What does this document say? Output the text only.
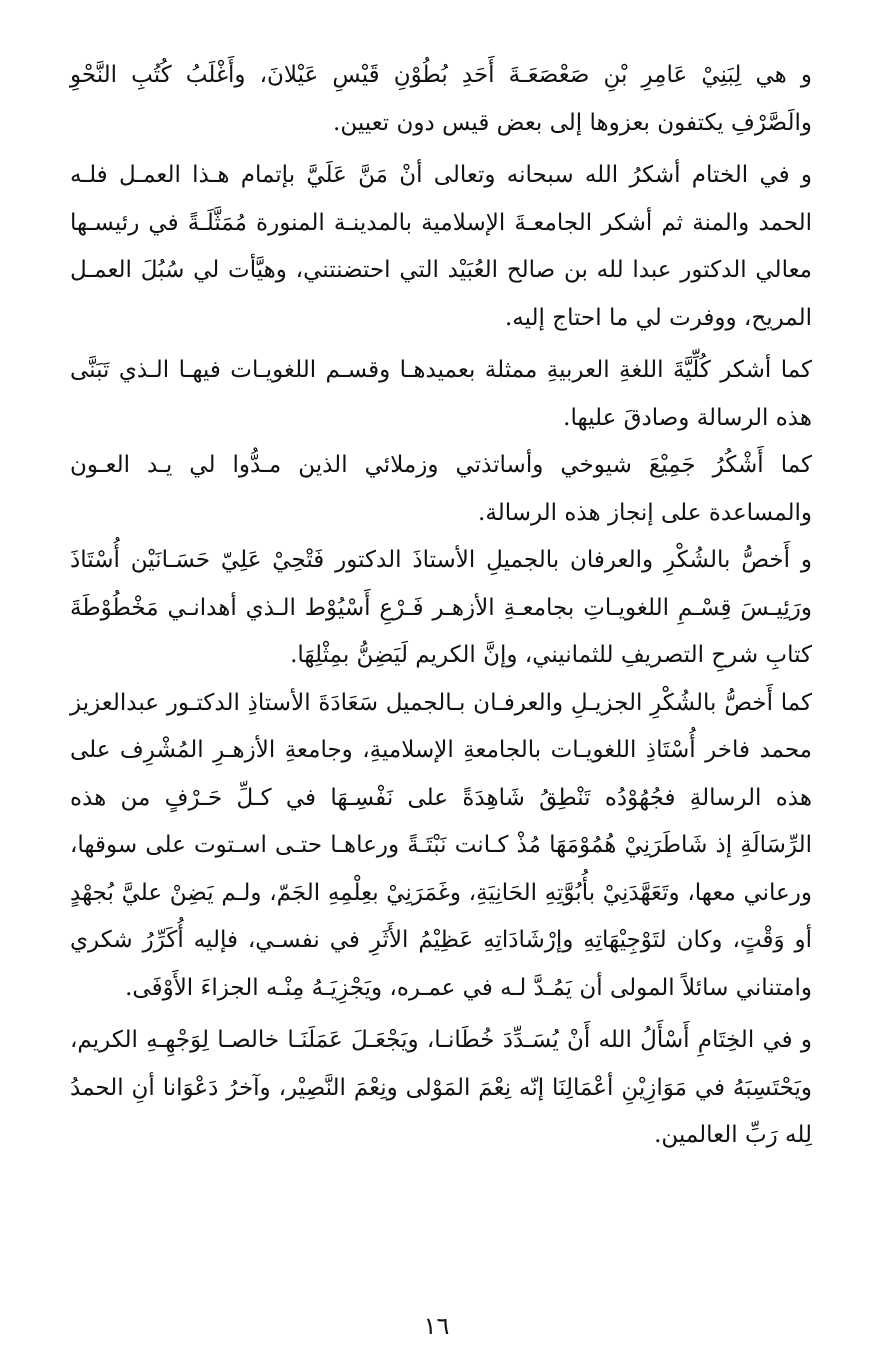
و هي لِبَنِيْ عَامِرِ بْنِ صَعْصَعَـةَ أَحَدِ بُطُوْنِ قَيْسِ عَيْلانَ، وأَغْلَبُ كُتُبِ النَّحْوِ والَصَّرْفِ يكتفون بعزوها إلى بعض قيس دون تعيين.

و في الختام أشكرُ الله سبحانه وتعالى أنْ مَنَّ عَلَيَّ بإتمام هـذا العمـل فلـه الحمد والمنة ثم أشكر الجامعـةَ الإسلامية بالمدينـة المنورة مُمَثَّلَـةً في رئيسـها معالي الدكتور عبدا لله بن صالح العُبَيْد التي احتضنتني، وهيَّأت لي سُبُلَ العمـل المريح، ووفرت لي ما احتاج إليه.

كما أشكر كُلِّيَّةَ اللغةِ العربيةِ ممثلة بعميدهـا وقسـم اللغويـات فيهـا الـذي تَبَنَّى هذه الرسالة وصادقَ عليها.

كما أَشْكُرُ جَمِيْعَ شيوخي وأساتذتي وزملائي الذين مـدُّوا لي يـد العـون والمساعدة على إنجاز هذه الرسالة.

و أَخصُّ بالشُكْرِ والعرفان بالجميلِ الأستاذَ الدكتور فَتْحِيْ عَلِيّ حَسَـانَيْن أُسْتَاذَ ورَئِيـسَ قِسْـمِ اللغويـاتِ بجامعـةِ الأزهـر فَـرْعِ أَسْيُوْط الـذي أهدانـي مَخْطُوْطَةَ كتابِ شرحِ التصريفِ للثمانيني، وإنَّ الكريم لَيَضِنُّ بمِثْلِهَا.

كما أَخصُّ بالشُكْرِ الجزيـلِ والعرفـان بـالجميل سَعَادَةَ الأستاذِ الدكتـور عبدالعزيز محمد فاخر أُسْتَاذِ اللغويـات بالجامعةِ الإسلاميةِ، وجامعةِ الأزهـرِ المُشْرِف على هذه الرسالةِ فجُهُوْدُه تَنْطِقُ شَاهِدَةً على نَفْسِـهَا في كـلِّ حَـرْفٍ من هذه الرِّسَالَةِ إذ شَاطَرَنِيْ هُمُوْمَهَا مُذْ كـانت نَبْتَـةً ورعاهـا حتـى اسـتوت على سوقها، ورعاني معها، وتَعَهَّدَنِيْ بأُبُوَّتِهِ الحَانِيَةِ، وغَمَرَنِيْ بعِلْمِهِ الجَمّ، ولـم يَضِنْ عليَّ بُجهْدٍ أو وَقْتٍ، وكان لتَوْجِيْهَاتِهِ وإرْشَادَاتِهِ عَظِيْمُ الأَثَرِ في نفسـي، فإليه أُكَرِّرُ شكري وامتناني سائلاً المولى أن يَمُـدَّ لـه في عمـره، ويَجْزِيَـهُ مِنْـه الجزاءَ الأَوْفَى.

و في الخِتَامِ أَسْأَلُ الله أَنْ يُسَـدِّدَ خُطَانـا، ويَجْعَـلَ عَمَلَنَـا خالصـا لِوَجْهِـهِ الكريم، ويَحْتَسِبَهُ في مَوَازِيْنِ أعْمَالِنَا إنّه نِعْمَ المَوْلى ونِعْمَ النَّصِيْر، وآخرُ دَعْوَانا أنِ الحمدُ لِله رَبِّ العالمين.

١٦
